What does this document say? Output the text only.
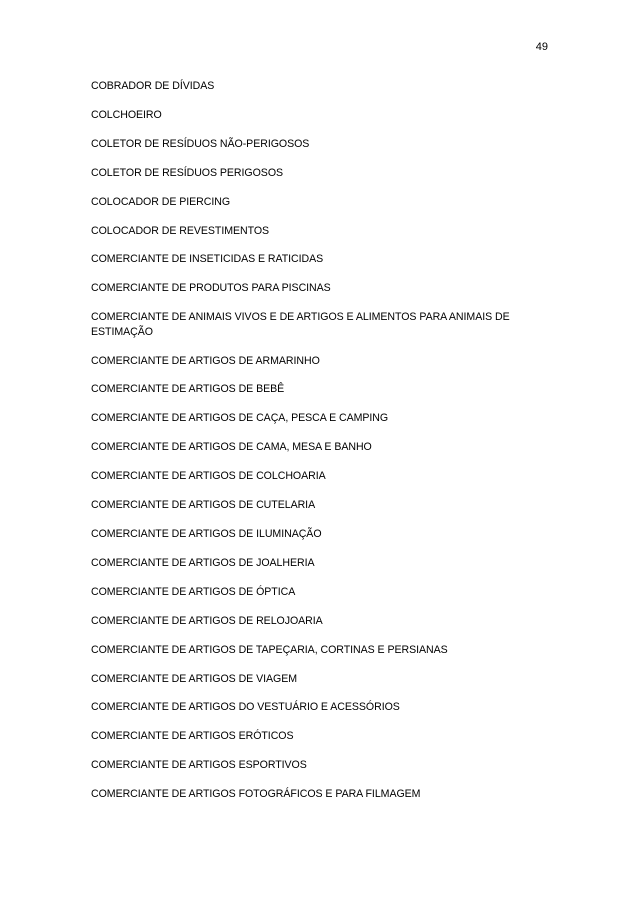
49
COBRADOR DE DÍVIDAS
COLCHOEIRO
COLETOR DE RESÍDUOS NÃO-PERIGOSOS
COLETOR DE RESÍDUOS PERIGOSOS
COLOCADOR DE PIERCING
COLOCADOR DE REVESTIMENTOS
COMERCIANTE DE INSETICIDAS E RATICIDAS
COMERCIANTE DE PRODUTOS PARA PISCINAS
COMERCIANTE DE ANIMAIS VIVOS E DE ARTIGOS E ALIMENTOS PARA ANIMAIS DE ESTIMAÇÃO
COMERCIANTE DE ARTIGOS DE ARMARINHO
COMERCIANTE DE ARTIGOS DE BEBÊ
COMERCIANTE DE ARTIGOS DE CAÇA, PESCA E CAMPING
COMERCIANTE DE ARTIGOS DE CAMA, MESA E BANHO
COMERCIANTE DE ARTIGOS DE COLCHOARIA
COMERCIANTE DE ARTIGOS DE CUTELARIA
COMERCIANTE DE ARTIGOS DE ILUMINAÇÃO
COMERCIANTE DE ARTIGOS DE JOALHERIA
COMERCIANTE DE ARTIGOS DE ÓPTICA
COMERCIANTE DE ARTIGOS DE RELOJOARIA
COMERCIANTE DE ARTIGOS DE TAPEÇARIA, CORTINAS E PERSIANAS
COMERCIANTE DE ARTIGOS DE VIAGEM
COMERCIANTE DE ARTIGOS DO VESTUÁRIO E ACESSÓRIOS
COMERCIANTE DE ARTIGOS ERÓTICOS
COMERCIANTE DE ARTIGOS ESPORTIVOS
COMERCIANTE DE ARTIGOS FOTOGRÁFICOS E PARA FILMAGEM
